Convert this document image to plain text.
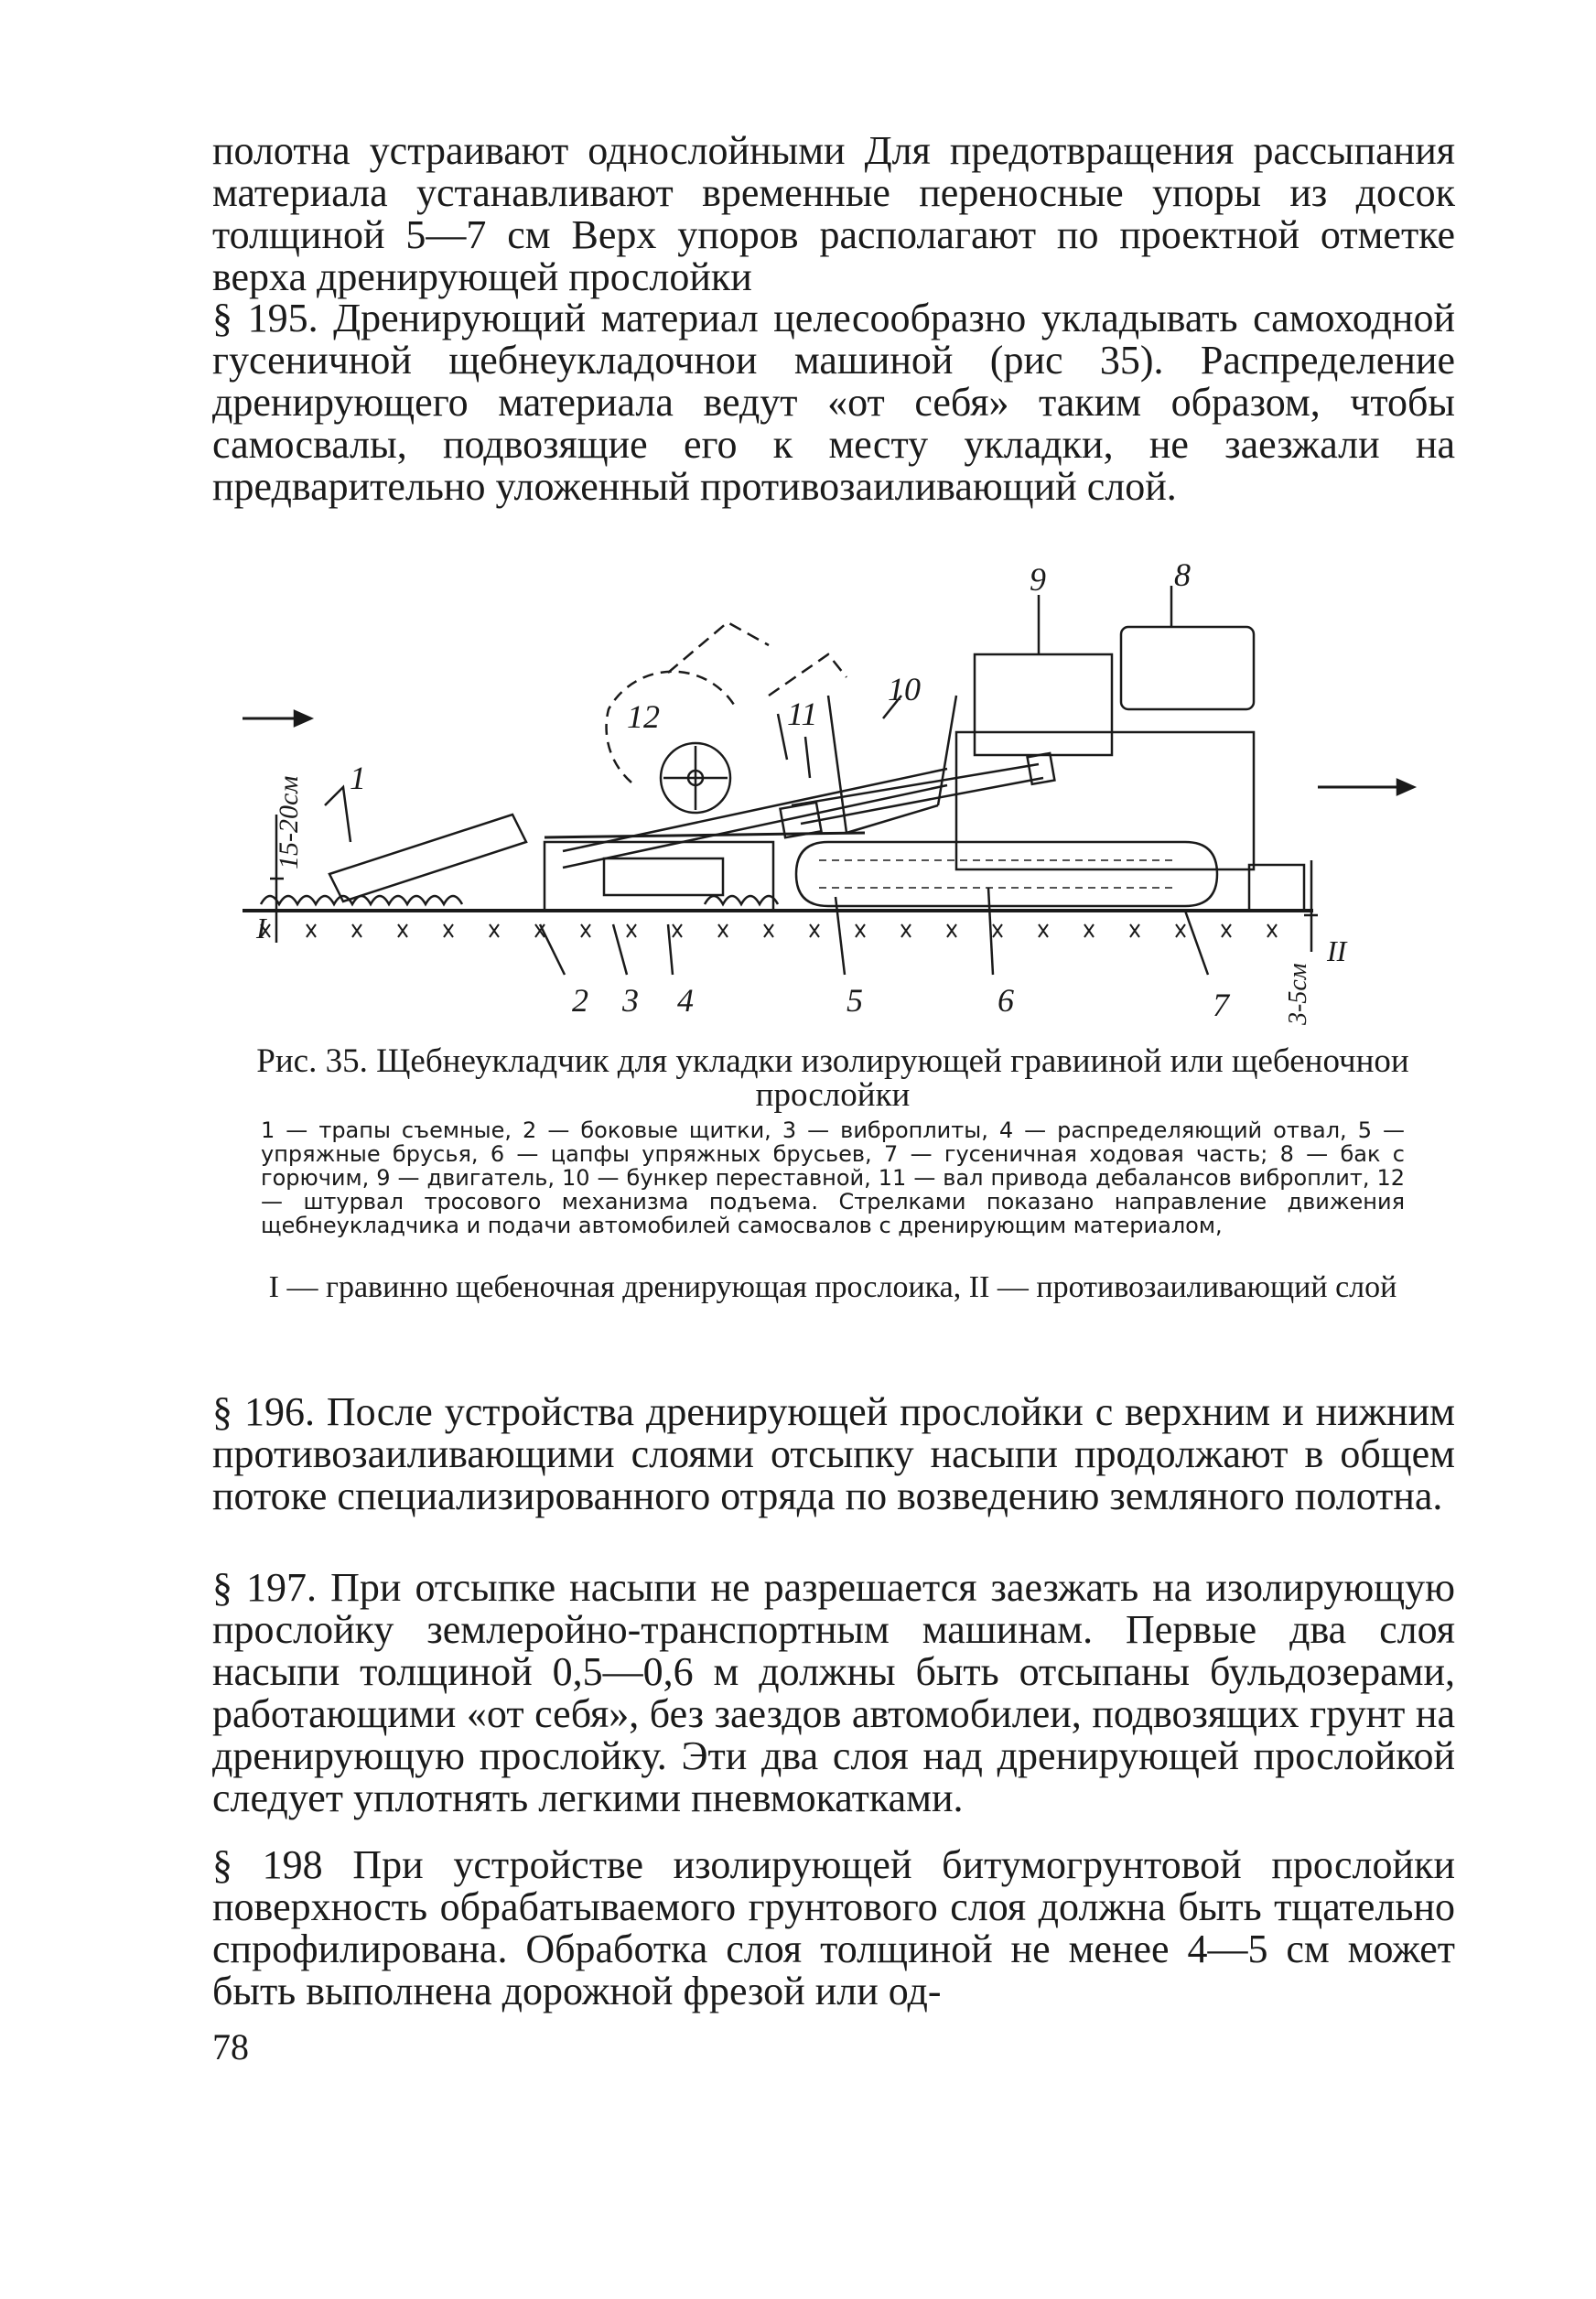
полотна устраивают однослойными Для предотвращения рассыпания материала устанавливают временные переносные упоры из досок толщиной 5—7 см Верх упоров располагают по проектной отметке верха дренирующей прослойки

§ 195. Дренирующий материал целесообразно укладывать самоходной гусеничной щебнеукладочнои машиной (рис 35). Распределение дренирующего материала ведут «от себя» таким образом, чтобы самосвалы, подвозящие его к месту укладки, не заезжали на предварительно уложенный противозаиливающий слой.

1
2 3 4	5	6	7
8
9
10
11
12
I
II
15-20см
3-5см

Рис. 35. Щебнеукладчик для укладки изолирующей гравииной или щебеночнои прослойки

1 — трапы съемные, 2 — боковые щитки, 3 — виброплиты, 4 — распределяющий отвал, 5 — упряжные брусья, 6 — цапфы упряжных брусьев, 7 — гусеничная ходовая часть; 8 — бак с горючим, 9 — двигатель, 10 — бункер переставной, 11 — вал привода дебалансов виброплит, 12 — штурвал тросового механизма подъема. Стрелками показано направление движения щебнеукладчика и подачи автомобилей самосвалов с дренирующим материалом,

I — гравинно щебеночная дренирующая прослоика, II — противозаиливающий слой

§ 196. После устройства дренирующей прослойки с верхним и нижним противозаиливающими слоями отсыпку насыпи продолжают в общем потоке специализированного отряда по возведению земляного полотна.

§ 197. При отсыпке насыпи не разрешается заезжать на изолирующую прослойку землеройно-транспортным машинам. Первые два слоя насыпи толщиной 0,5—0,6 м должны быть отсыпаны бульдозерами, работающими «от себя», без заездов автомобилеи, подвозящих грунт на дренирующую прослойку. Эти два слоя над дренирующей прослойкой следует уплотнять легкими пневмокатками.

§ 198 При устройстве изолирующей битумогрунтовой прослойки поверхность обрабатываемого грунтового слоя должна быть тщательно спрофилирована. Обработка слоя толщиной не менее 4—5 см может быть выполнена дорожной фрезой или од-

78
